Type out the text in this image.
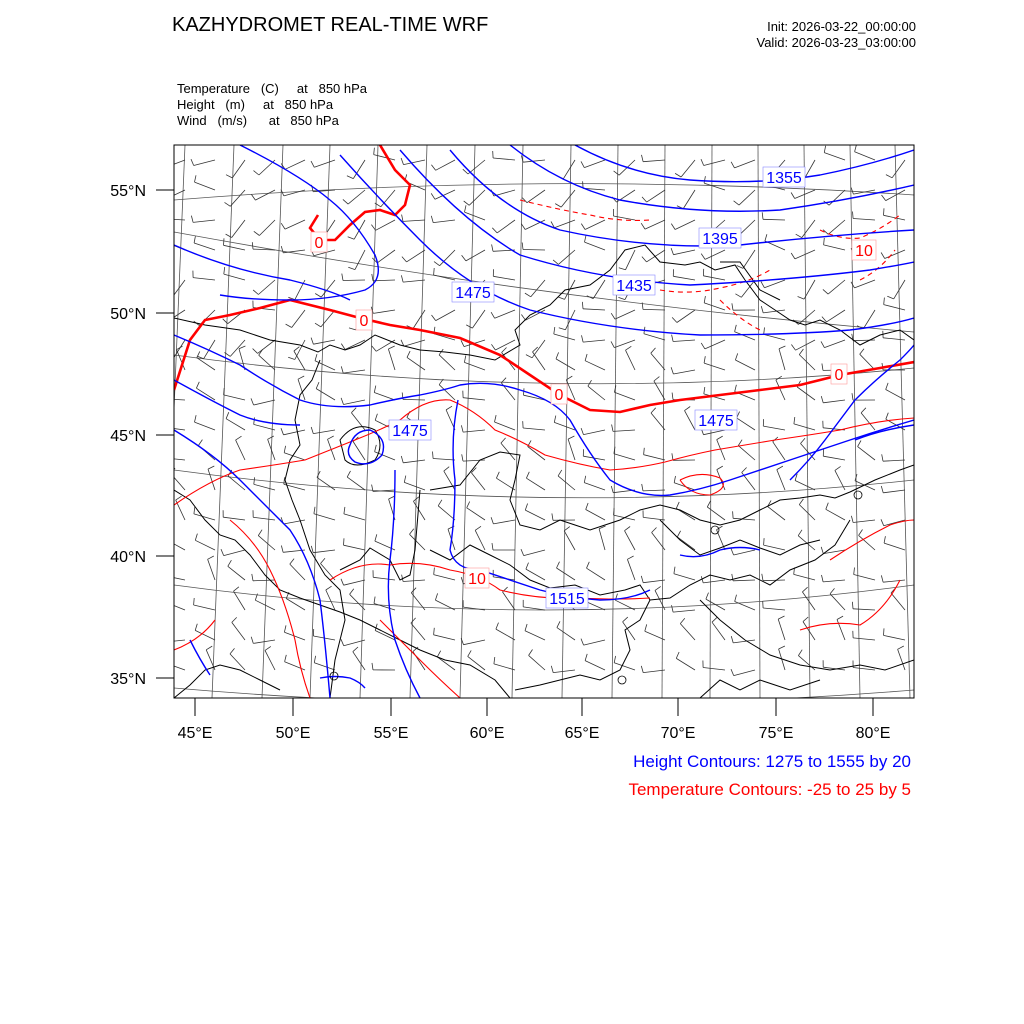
KAZHYDROMET REAL-TIME WRF	Init: 2026-03-22_00:00:00
Valid: 2026-03-23_03:00:00
Temperature   (C)     at   850 hPa
Height   (m)     at   850 hPa
Wind   (m/s)      at   850 hPa
55°N
50°N
45°N
40°N
35°N
45°E	50°E	55°E	60°E	65°E	70°E	75°E	80°E
1355
1395
1435
1475
1475
1475
1515
0
0
0
0
10
10
Height Contours: 1275 to 1555 by 20
Temperature Contours: -25 to 25 by 5
